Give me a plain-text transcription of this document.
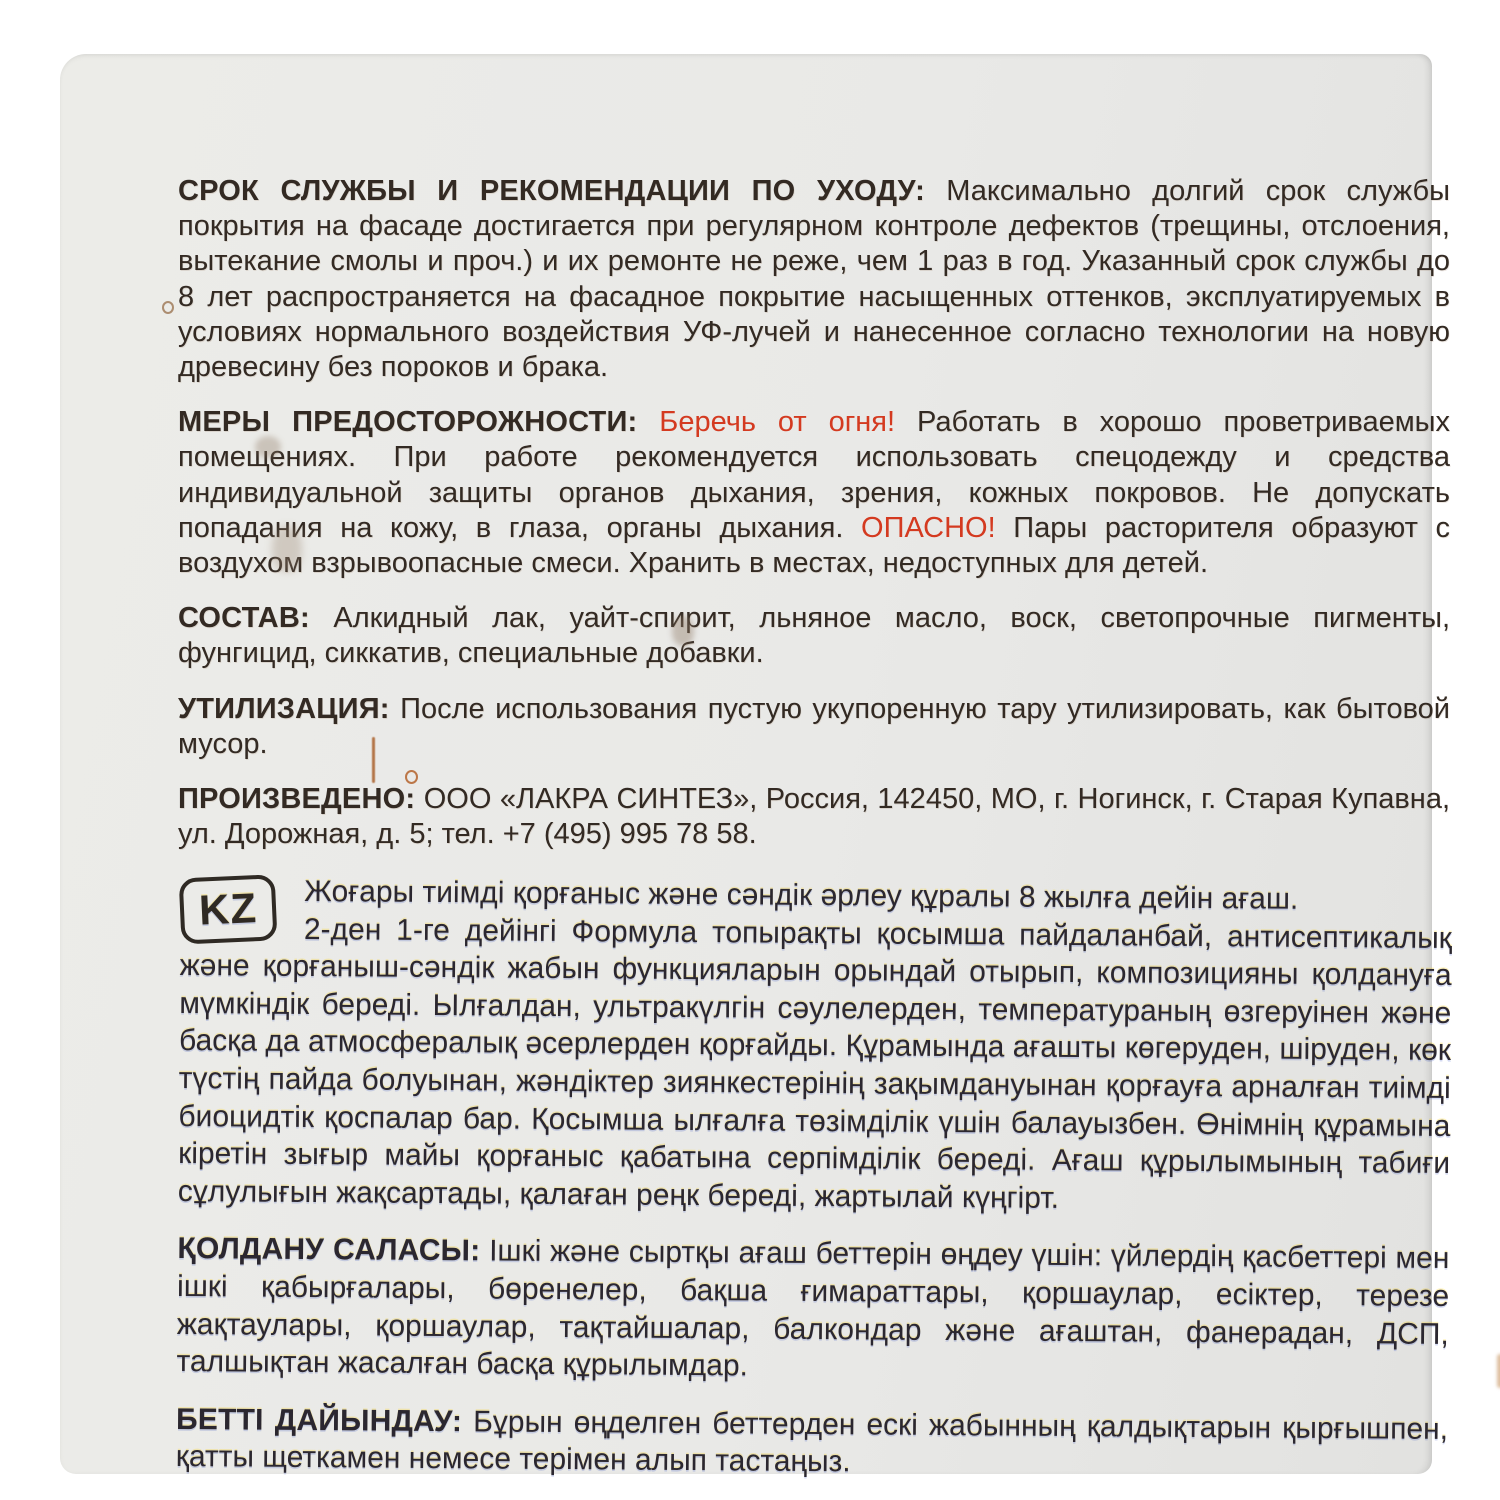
СРОК СЛУЖБЫ И РЕКОМЕНДАЦИИ ПО УХОДУ: Максимально долгий срок службы покрытия на фасаде достигается при регулярном контроле дефектов (трещины, отслоения, вытекание смолы и проч.) и их ремонте не реже, чем 1 раз в год. Указанный срок службы до 8 лет распространяется на фасадное покрытие насыщенных оттенков, эксплуатируемых в условиях нормального воздействия УФ-лучей и нанесенное согласно технологии на новую древесину без пороков и брака.

МЕРЫ ПРЕДОСТОРОЖНОСТИ: Беречь от огня! Работать в хорошо проветриваемых помещениях. При работе рекомендуется использовать спецодежду и средства индивидуальной защиты органов дыхания, зрения, кожных покровов. Не допускать попадания на кожу, в глаза, органы дыхания. ОПАСНО! Пары расторителя образуют с воздухом взрывоопасные смеси. Хранить в местах, недоступных для детей.

СОСТАВ: Алкидный лак, уайт-спирит, льняное масло, воск, светопрочные пигменты, фунгицид, сиккатив, специальные добавки.

УТИЛИЗАЦИЯ: После использования пустую укупоренную тару утилизировать, как бытовой мусор.

ПРОИЗВЕДЕНО: ООО «ЛАКРА СИНТЕЗ», Россия, 142450, МО, г. Ногинск, г. Старая Купавна, ул. Дорожная, д. 5; тел. +7 (495) 995 78 58.

KZ	Жоғары тиімді қорғаныс және сәндік әрлеу құралы 8 жылға дейін ағаш.

2-ден 1-ге дейінгі Формула топырақты қосымша пайдаланбай, антисептикалық және қорғаныш-сәндік жабын функцияларын орындай отырып, композицияны қолдануға мүмкіндік береді. Ылғалдан, ультракүлгін сәулелерден, температураның өзгеруінен және басқа да атмосфералық әсерлерден қорғайды. Құрамында ағашты көгеруден, шіруден, көк түстің пайда болуынан, жәндіктер зиянкестерінің зақымдануынан қорғауға арналған тиімді биоцидтік қоспалар бар. Қосымша ылғалға төзімділік үшін балауызбен. Өнімнің құрамына кіретін зығыр майы қорғаныс қабатына серпімділік береді. Ағаш құрылымының табиғи сұлулығын жақсартады, қалаған реңк береді, жартылай күңгірт.

ҚОЛДАНУ САЛАСЫ: Ішкі және сыртқы ағаш беттерін өңдеу үшін: үйлердің қасбеттері мен ішкі қабырғалары, бөренелер, бақша ғимараттары, қоршаулар, есіктер, терезе жақтаулары, қоршаулар, тақтайшалар, балкондар және ағаштан, фанерадан, ДСП, талшықтан жасалған басқа құрылымдар.

БЕТТІ ДАЙЫНДАУ: Бұрын өңделген беттерден ескі жабынның қалдықтарын қырғышпен, қатты щеткамен немесе терімен алып тастаңыз.
